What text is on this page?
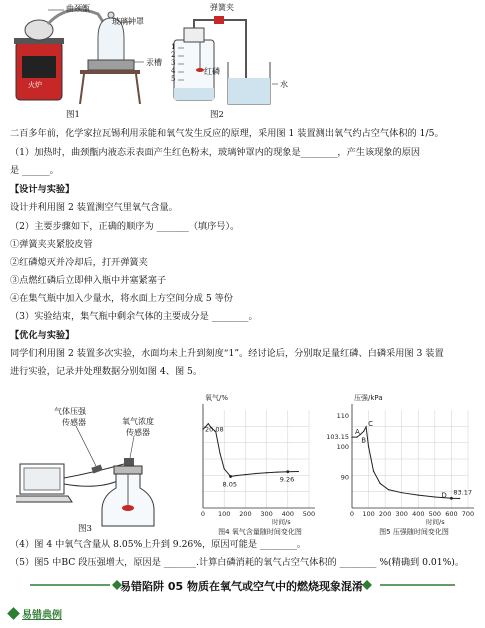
曲颈甑
玻璃钟罩
汞槽
火炉
图1
弹簧夹
1
2
3
4
5
红磷
水
图2
二百多年前，化学家拉瓦锡利用汞能和氧气发生反应的原理，采用图 1 装置测出氧气约占空气体积的 1/5。
（1）加热时，曲颈甑内液态汞表面产生红色粉末，玻璃钟罩内的现象是________，产生该现象的原因
是 ______。
【设计与实验】
设计并利用图 2 装置测空气里氧气含量。
（2）主要步骤如下，正确的顺序为 _______（填序号）。
①弹簧夹夹紧胶皮管
②红磷熄灭并冷却后，打开弹簧夹
③点燃红磷后立即伸入瓶中并塞紧塞子
④在集气瓶中加入少量水，将水面上方空间分成 5 等份
（3）实验结束，集气瓶中剩余气体的主要成分是 ________。
【优化与实验】
同学们利用图 2 装置多次实验，水面均未上升到刻度“1”。经讨论后，分别取足量红磷、白磷采用图 3 装置
进行实验，记录并处理数据分别如图 4、图 5。
气体压强
传感器	氧气浓度
传感器
图3
0 100 200 300 400 500
氧气/%
时间/s
图4 氧气含量随时间变化图
20.08
8.05
9.26
0 100 200 300 400 500 600 700
90
100
110
压强/kPa
时间/s
图5 压强随时间变化图
103.15
A
B
C
D 83.17
（4）图 4 中氧气含量从 8.05%上升到 9.26%，原因可能是 ________。
（5）图5 中BC 段压强增大，原因是 _______.计算白磷消耗的氧气占空气体积的 ________ %(精确到 0.01%)。
易错陷阱 05 物质在氧气或空气中的燃烧现象混淆
易错典例
